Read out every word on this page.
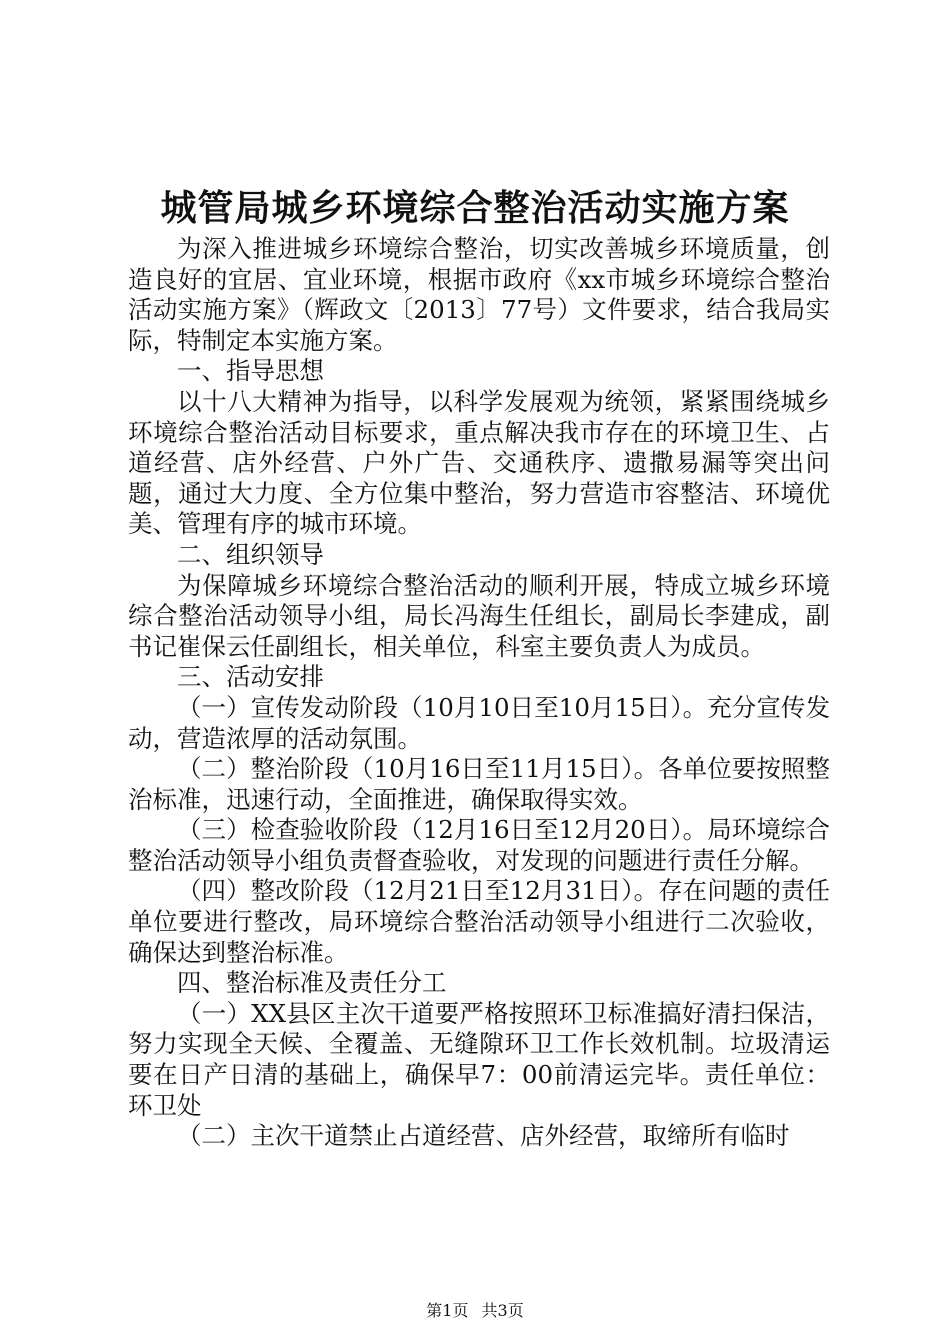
城管局城乡环境综合整治活动实施方案

为深入推进城乡环境综合整治，切实改善城乡环境质量，创造良好的宜居、宜业环境，根据市政府《xx市城乡环境综合整治活动实施方案》（辉政文〔2013〕77号）文件要求，结合我局实际，特制定本实施方案。

一、指导思想

以十八大精神为指导，以科学发展观为统领，紧紧围绕城乡环境综合整治活动目标要求，重点解决我市存在的环境卫生、占道经营、店外经营、户外广告、交通秩序、遗撒易漏等突出问题，通过大力度、全方位集中整治，努力营造市容整洁、环境优美、管理有序的城市环境。

二、组织领导

为保障城乡环境综合整治活动的顺利开展，特成立城乡环境综合整治活动领导小组，局长冯海生任组长，副局长李建成，副书记崔保云任副组长，相关单位，科室主要负责人为成员。

三、活动安排

（一）宣传发动阶段（10月10日至10月15日）。充分宣传发动，营造浓厚的活动氛围。

（二）整治阶段（10月16日至11月15日）。各单位要按照整治标准，迅速行动，全面推进，确保取得实效。

（三）检查验收阶段（12月16日至12月20日）。局环境综合整治活动领导小组负责督查验收，对发现的问题进行责任分解。

（四）整改阶段（12月21日至12月31日）。存在问题的责任单位要进行整改，局环境综合整治活动领导小组进行二次验收，确保达到整治标准。

四、整治标准及责任分工

（一）XX县区主次干道要严格按照环卫标准搞好清扫保洁，努力实现全天候、全覆盖、无缝隙环卫工作长效机制。垃圾清运要在日产日清的基础上，确保早7：00前清运完毕。责任单位：环卫处

（二）主次干道禁止占道经营、店外经营，取缔所有临时

第1页 共3页
